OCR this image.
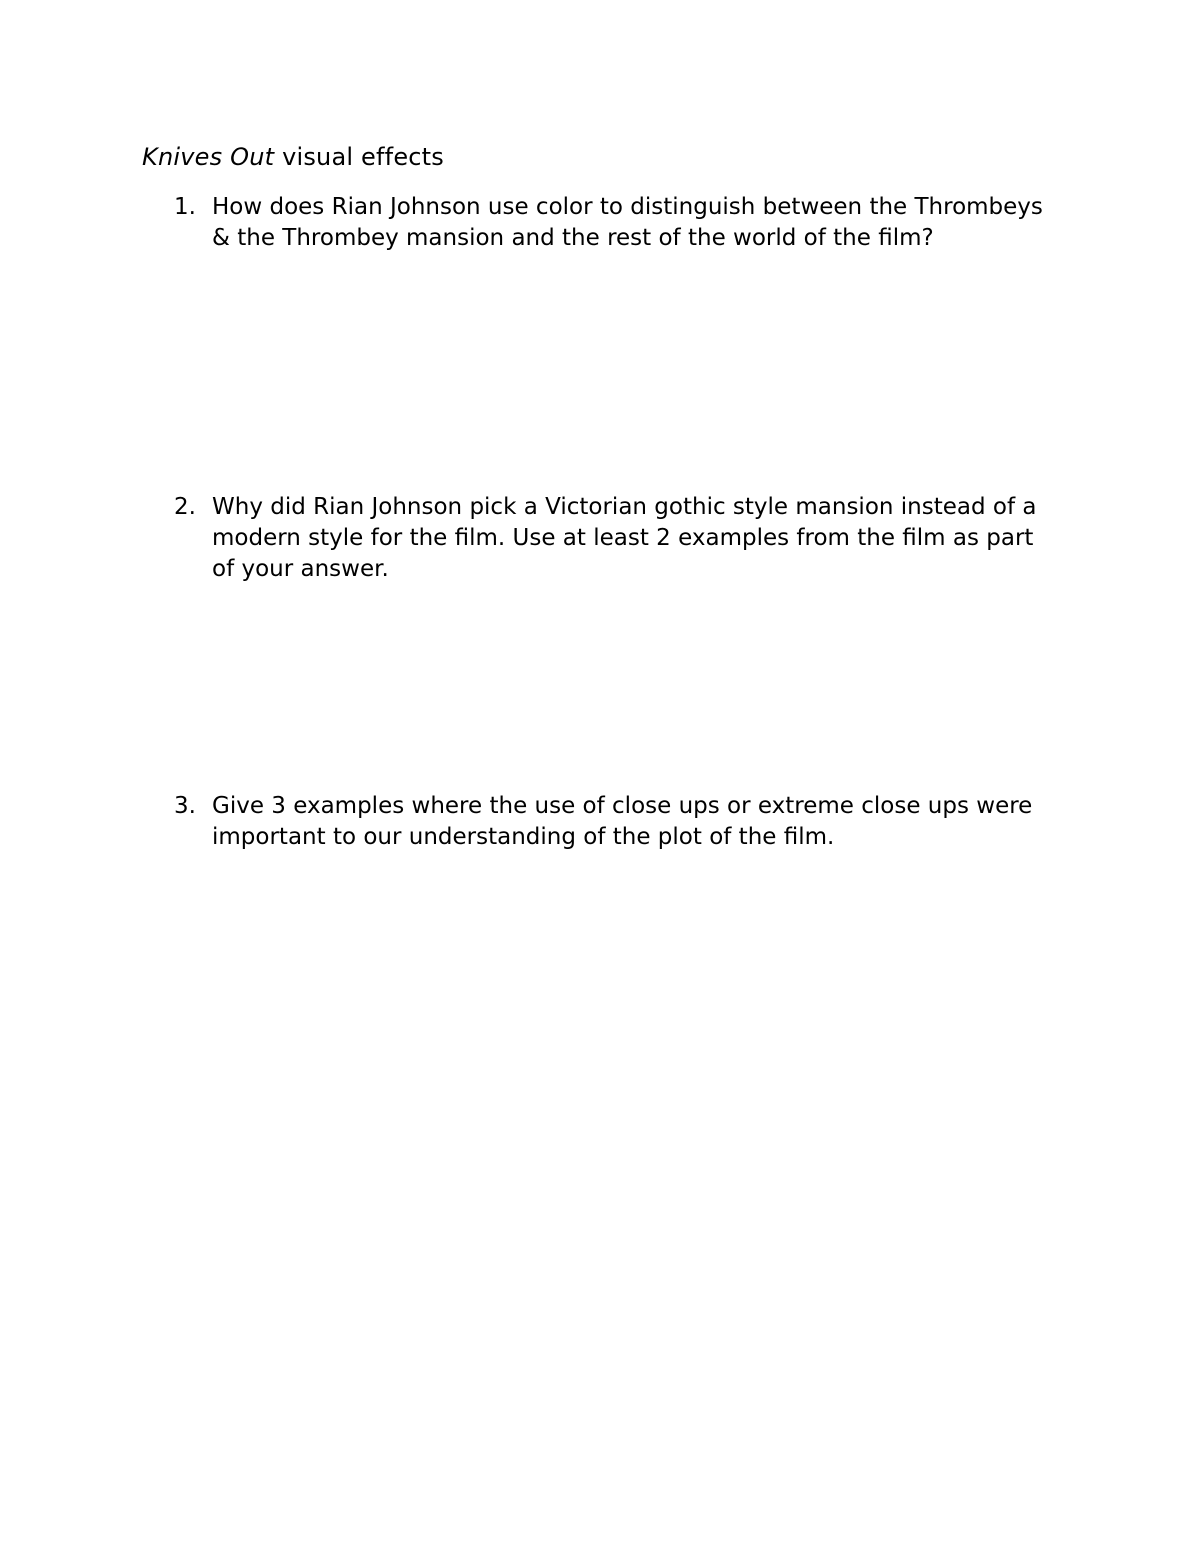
Knives Out visual effects
1. How does Rian Johnson use color to distinguish between the Thrombeys & the Thrombey mansion and the rest of the world of the film?
2. Why did Rian Johnson pick a Victorian gothic style mansion instead of a modern style for the film. Use at least 2 examples from the film as part of your answer.
3. Give 3 examples where the use of close ups or extreme close ups were important to our understanding of the plot of the film.
